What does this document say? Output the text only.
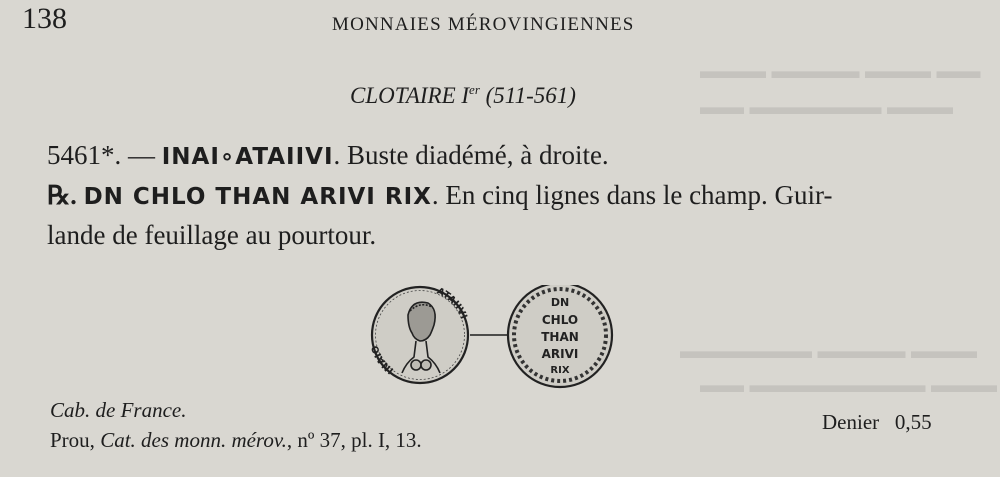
▬▬▬ ▬▬▬▬ ▬▬▬ ▬▬
▬▬ ▬▬▬▬▬▬ ▬▬▬
▬▬▬▬▬▬ ▬▬▬▬ ▬▬▬
▬▬ ▬▬▬▬▬▬▬▬ ▬▬▬
138	MONNAIES MÉROVINGIENNES
CLOTAIRE Ier (511-561)
5461*. — INAI∘ATAIIVI. Buste diadémé, à droite.
℞. DN CHLO THAN ARIVI RIX. En cinq lignes dans le champ. Guir-
lande de feuillage au pourtour.
INAIO
ATAIIVI
DN
CHLO
THAN
ARIVI
RIX
Cab. de France.
Prou, Cat. des monn. mérov., nº 37, pl. I, 13.
Denier 0,55
